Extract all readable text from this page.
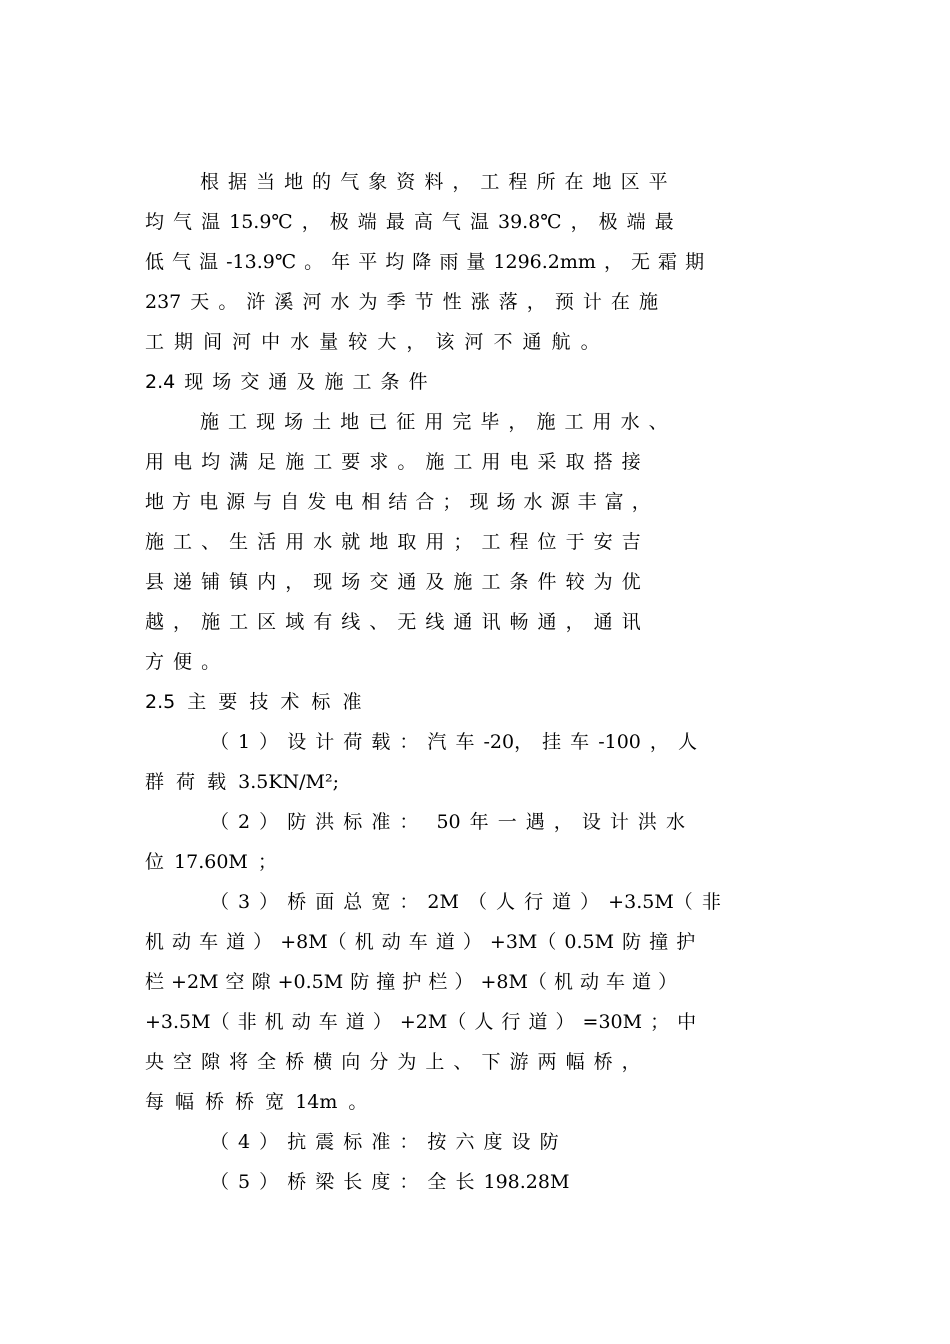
根 据 当 地 的 气 象 资 料 ， 工 程 所 在 地 区 平
均 气 温 15.9℃ ， 极 端 最 高 气 温 39.8℃ ， 极 端 最
低 气 温 -13.9℃ 。 年 平 均 降 雨 量 1296.2mm ， 无 霜 期
237 天 。 浒 溪 河 水 为 季 节 性 涨 落 ， 预 计 在 施
工 期 间 河 中 水 量 较 大 ， 该 河 不 通 航 。
2.4 现 场 交 通 及 施 工 条 件
施 工 现 场 土 地 已 征 用 完 毕 ， 施 工 用 水 、
用 电 均 满 足 施 工 要 求 。 施 工 用 电 采 取 搭 接
地 方 电 源 与 自 发 电 相 结 合 ； 现 场 水 源 丰 富 ，
施 工 、 生 活 用 水 就 地 取 用 ； 工 程 位 于 安 吉
县 递 铺 镇 内 ， 现 场 交 通 及 施 工 条 件 较 为 优
越 ， 施 工 区 域 有 线 、 无 线 通 讯 畅 通 ， 通 讯
方 便 。
2.5 主 要 技 术 标 准
（ 1 ） 设 计 荷 载 ： 汽 车 -20， 挂 车 -100 ， 人
群 荷 载 3.5KN/M²;
（ 2 ） 防 洪 标 准 ：  50 年 一 遇 ， 设 计 洪 水
位 17.60M ；
（ 3 ） 桥 面 总 宽 ： 2M （ 人 行 道 ） +3.5M（ 非
机 动 车 道 ） +8M（ 机 动 车 道 ） +3M（ 0.5M 防 撞 护
栏 +2M 空 隙 +0.5M 防 撞 护 栏 ） +8M（ 机 动 车 道 ）
+3.5M（ 非 机 动 车 道 ） +2M（ 人 行 道 ） =30M ； 中
央 空 隙 将 全 桥 横 向 分 为 上 、 下 游 两 幅 桥 ，
每 幅 桥 桥 宽 14m 。
（ 4 ） 抗 震 标 准 ： 按 六 度 设 防
（ 5 ） 桥 梁 长 度 ： 全 长 198.28M
